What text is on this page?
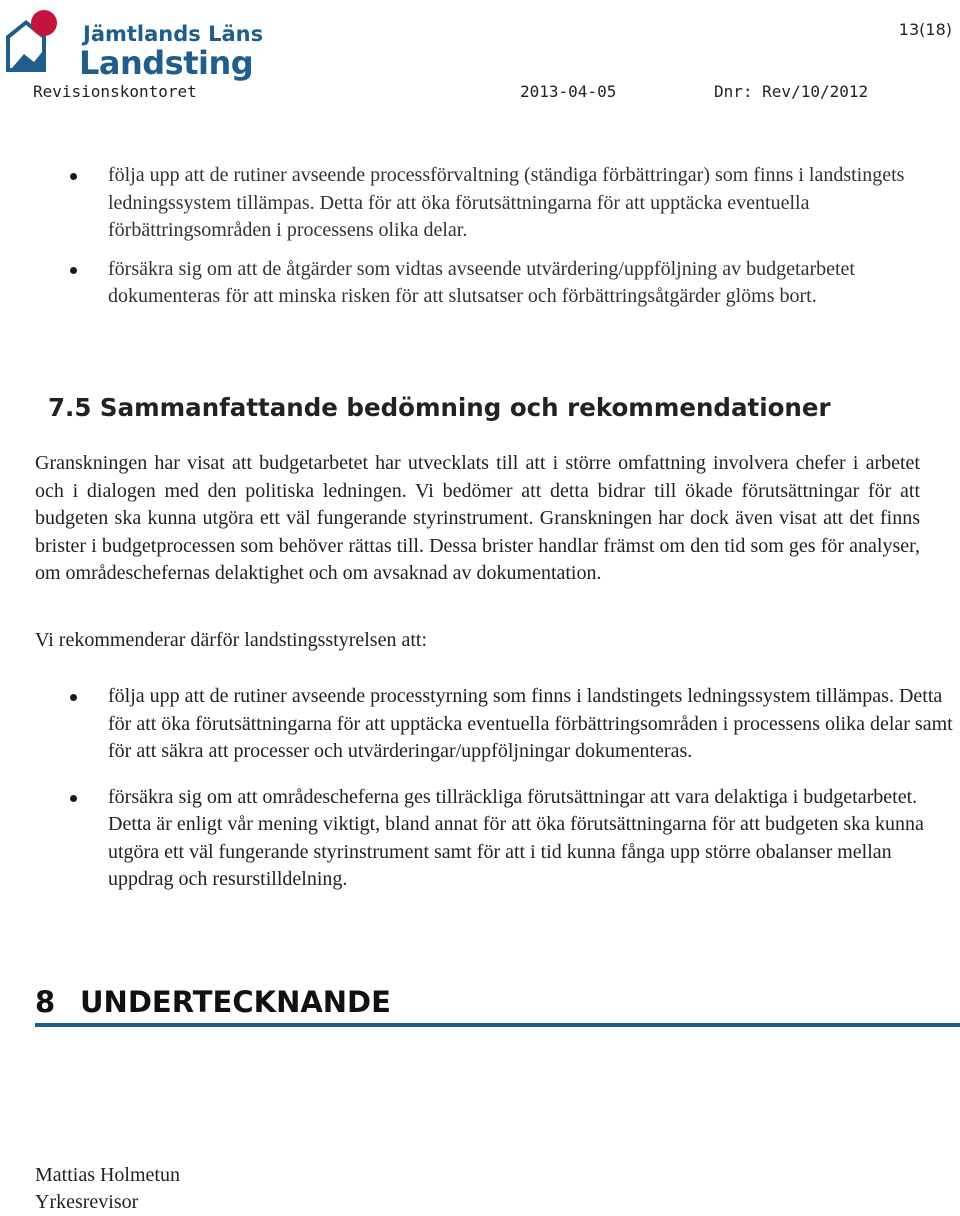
Jämtlands Läns
Landsting
13(18)
Revisionskontoret	2013-04-05	Dnr: Rev/10/2012
följa upp att de rutiner avseende processförvaltning (ständiga förbättringar) som finns i landstingets ledningssystem tillämpas. Detta för att öka förutsättningarna för att upptäcka eventuella förbättringsområden i processens olika delar.
försäkra sig om att de åtgärder som vidtas avseende utvärdering/uppföljning av budgetarbetet dokumenteras för att minska risken för att slutsatser och förbättringsåtgärder glöms bort.
7.5 Sammanfattande bedömning och rekommendationer

Granskningen har visat att budgetarbetet har utvecklats till att i större omfattning involvera chefer i arbetet och i dialogen med den politiska ledningen. Vi bedömer att detta bidrar till ökade förutsättningar för att budgeten ska kunna utgöra ett väl fungerande styrinstrument. Granskningen har dock även visat att det finns brister i budgetprocessen som behöver rättas till. Dessa brister handlar främst om den tid som ges för analyser, om områdeschefernas delaktighet och om avsaknad av dokumentation.

Vi rekommenderar därför landstingsstyrelsen att:

följa upp att de rutiner avseende processtyrning som finns i landstingets ledningssystem tillämpas. Detta för att öka förutsättningarna för att upptäcka eventuella förbättringsområden i processens olika delar samt för att säkra att processer och utvärderingar/uppföljningar dokumenteras.
försäkra sig om att områdescheferna ges tillräckliga förutsättningar att vara delaktiga i budgetarbetet. Detta är enligt vår mening viktigt, bland annat för att öka förutsättningarna för att budgeten ska kunna utgöra ett väl fungerande styrinstrument samt för att i tid kunna fånga upp större obalanser mellan uppdrag och resurstilldelning.
8 UNDERTECKNANDE

Mattias Holmetun

Yrkesrevisor
